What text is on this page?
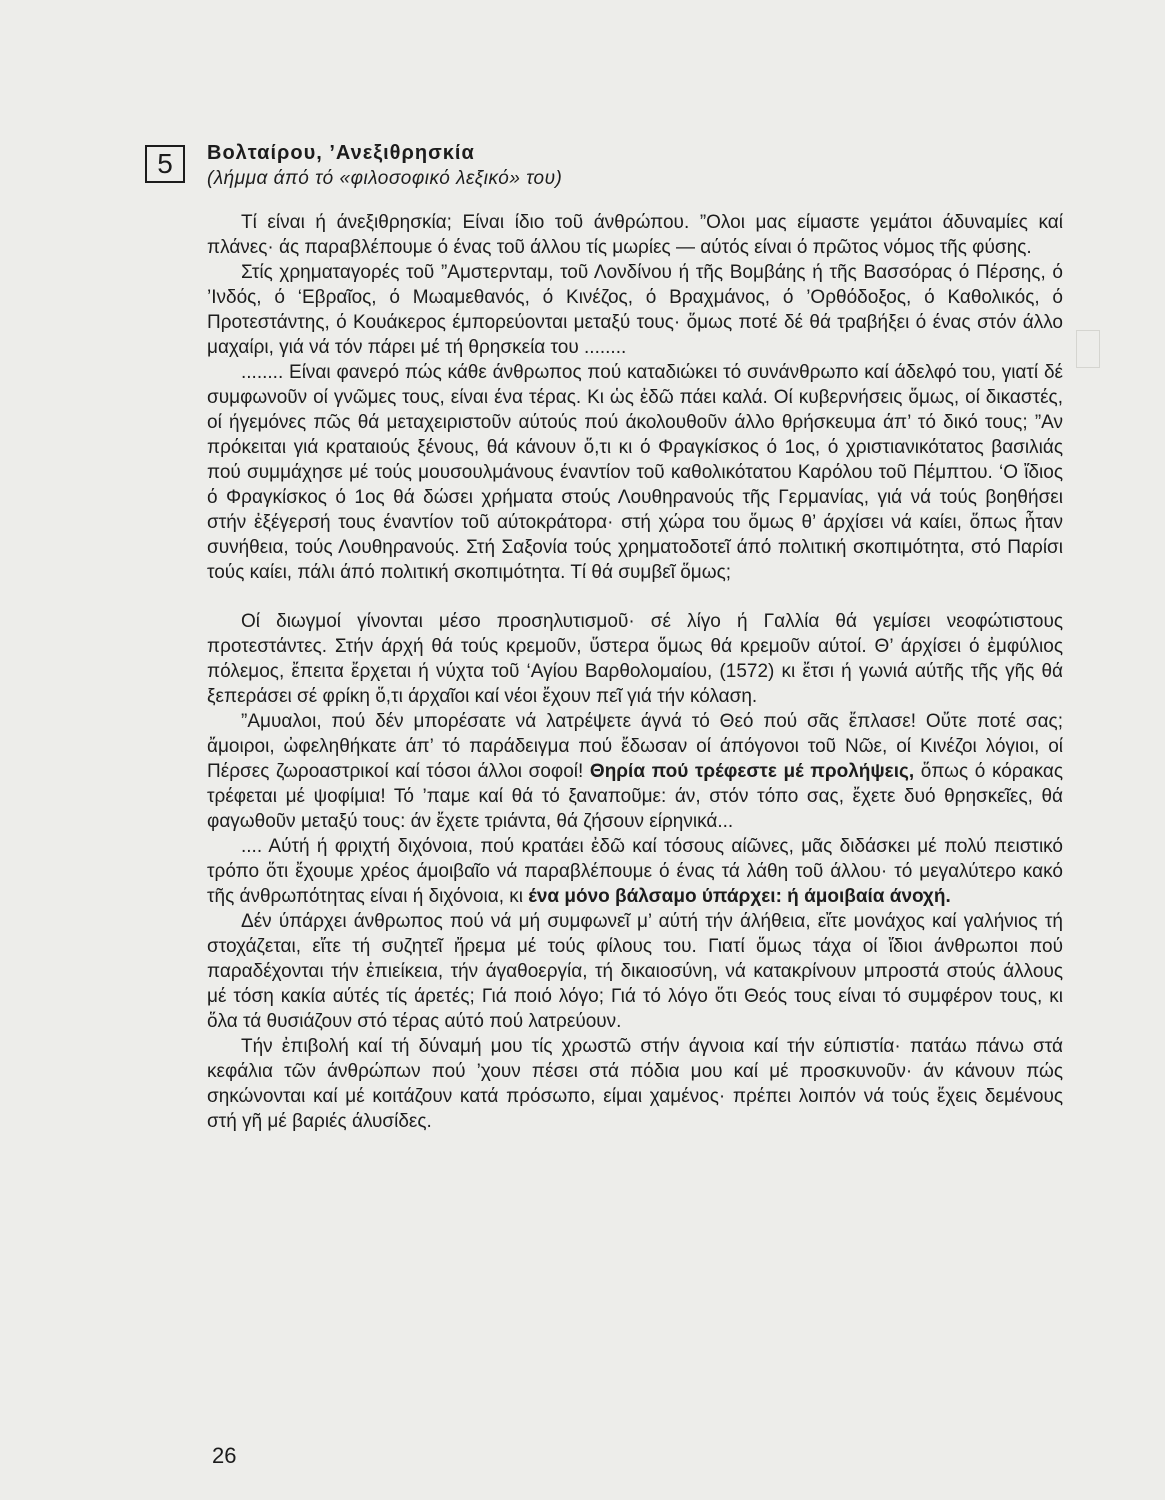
5	Βολταίρου, ’Ανεξιθρησκία
(λήμμα άπό τό «φιλοσοφικό λεξικό» του)

Τί είναι ή άνεξιθρησκία; Είναι ίδιο τοῦ άνθρώπου. ”Ολοι μας είμαστε γεμάτοι άδυναμίες καί πλάνες· άς παραβλέπουμε ό ένας τοῦ άλλου τίς μωρίες — αύτός είναι ό πρῶτος νόμος τῆς φύσης.

Στίς χρηματαγορές τοῦ ”Αμστερνταμ, τοῦ Λονδίνου ή τῆς Βομβάης ή τῆς Βασσόρας ό Πέρσης, ό ’Ινδός, ό ‘Εβραῖος, ό Μωαμεθανός, ό Κινέζος, ό Βραχμάνος, ό ’Ορθόδοξος, ό Καθολικός, ό Προτεστάντης, ό Κουάκερος έμπορεύονται μεταξύ τους· ὅμως ποτέ δέ θά τραβήξει ό ένας στόν άλλο μαχαίρι, γιά νά τόν πάρει μέ τή θρησκεία του ........

........ Είναι φανερό πώς κάθε άνθρωπος πού καταδιώκει τό συνάνθρωπο καί άδελφό του, γιατί δέ συμφωνοῦν οί γνῶμες τους, είναι ένα τέρας. Κι ὡς ἐδῶ πάει καλά. Οί κυβερνήσεις ὅμως, οί δικαστές, οί ήγεμόνες πῶς θά μεταχειριστοῦν αύτούς πού άκολουθοῦν άλλο θρήσκευμα άπ’ τό δικό τους; ”Αν πρόκειται γιά κραταιούς ξένους, θά κάνουν ὅ,τι κι ό Φραγκίσκος ό 1ος, ό χριστιανικότατος βασιλιάς πού συμμάχησε μέ τούς μουσουλμάνους έναντίον τοῦ καθολικότατου Καρόλου τοῦ Πέμπτου. ‘Ο ἴδιος ό Φραγκίσκος ό 1ος θά δώσει χρήματα στούς Λουθηρανούς τῆς Γερμανίας, γιά νά τούς βοηθήσει στήν ἐξέγερσή τους έναντίον τοῦ αύτοκράτορα· στή χώρα του ὅμως θ’ άρχίσει νά καίει, ὅπως ἦταν συνήθεια, τούς Λουθηρανούς. Στή Σαξονία τούς χρηματοδοτεῖ άπό πολιτική σκοπιμότητα, στό Παρίσι τούς καίει, πάλι άπό πολιτική σκοπιμότητα. Τί θά συμβεῖ ὅμως;

Οί διωγμοί γίνονται μέσο προσηλυτισμοῦ· σέ λίγο ή Γαλλία θά γεμίσει νεοφώτιστους προτεστάντες. Στήν άρχή θά τούς κρεμοῦν, ὕστερα ὅμως θά κρεμοῦν αύτοί. Θ’ άρχίσει ό ἐμφύλιος πόλεμος, ἔπειτα ἔρχεται ή νύχτα τοῦ ‘Αγίου Βαρθολομαίου, (1572) κι ἔτσι ή γωνιά αύτῆς τῆς γῆς θά ξεπεράσει σέ φρίκη ὅ,τι άρχαῖοι καί νέοι ἔχουν πεῖ γιά τήν κόλαση.

”Αμυαλοι, πού δέν μπορέσατε νά λατρέψετε άγνά τό Θεό πού σᾶς ἔπλασε! Οὔτε ποτέ σας; ἄμοιροι, ὠφεληθήκατε άπ’ τό παράδειγμα πού ἔδωσαν οί άπόγονοι τοῦ Νῶε, οί Κινέζοι λόγιοι, οί Πέρσες ζωροαστρικοί καί τόσοι άλλοι σοφοί! Θηρία πού τρέφεστε μέ προλήψεις, ὅπως ό κόρακας τρέφεται μέ ψοφίμια! Τό ’παμε καί θά τό ξαναποῦμε: άν, στόν τόπο σας, ἔχετε δυό θρησκεῖες, θά φαγωθοῦν μεταξύ τους: άν ἔχετε τριάντα, θά ζήσουν είρηνικά...

.... Αύτή ή φριχτή διχόνοια, πού κρατάει ἐδῶ καί τόσους αίῶνες, μᾶς διδάσκει μέ πολύ πειστικό τρόπο ὅτι ἔχουμε χρέος άμοιβαῖο νά παραβλέπουμε ό ένας τά λάθη τοῦ άλλου· τό μεγαλύτερο κακό τῆς άνθρωπότητας είναι ή διχόνοια, κι ένα μόνο βάλσαμο ύπάρχει: ή άμοιβαία άνοχή.

Δέν ύπάρχει άνθρωπος πού νά μή συμφωνεῖ μ’ αύτή τήν άλήθεια, εἴτε μονάχος καί γαλήνιος τή στοχάζεται, εἴτε τή συζητεῖ ἤρεμα μέ τούς φίλους του. Γιατί ὅμως τάχα οί ἴδιοι άνθρωποι πού παραδέχονται τήν ἐπιείκεια, τήν άγαθοεργία, τή δικαιοσύνη, νά κατακρίνουν μπροστά στούς άλλους μέ τόση κακία αύτές τίς άρετές; Γιά ποιό λόγο; Γιά τό λόγο ὅτι Θεός τους είναι τό συμφέρον τους, κι ὅλα τά θυσιάζουν στό τέρας αύτό πού λατρεύουν.

Τήν ἐπιβολή καί τή δύναμή μου τίς χρωστῶ στήν άγνοια καί τήν εύπιστία· πατάω πάνω στά κεφάλια τῶν άνθρώπων πού ’χουν πέσει στά πόδια μου καί μέ προσκυνοῦν· άν κάνουν πώς σηκώνονται καί μέ κοιτάζουν κατά πρόσωπο, είμαι χαμένος· πρέπει λοιπόν νά τούς ἔχεις δεμένους στή γῆ μέ βαριές άλυσίδες.

26
